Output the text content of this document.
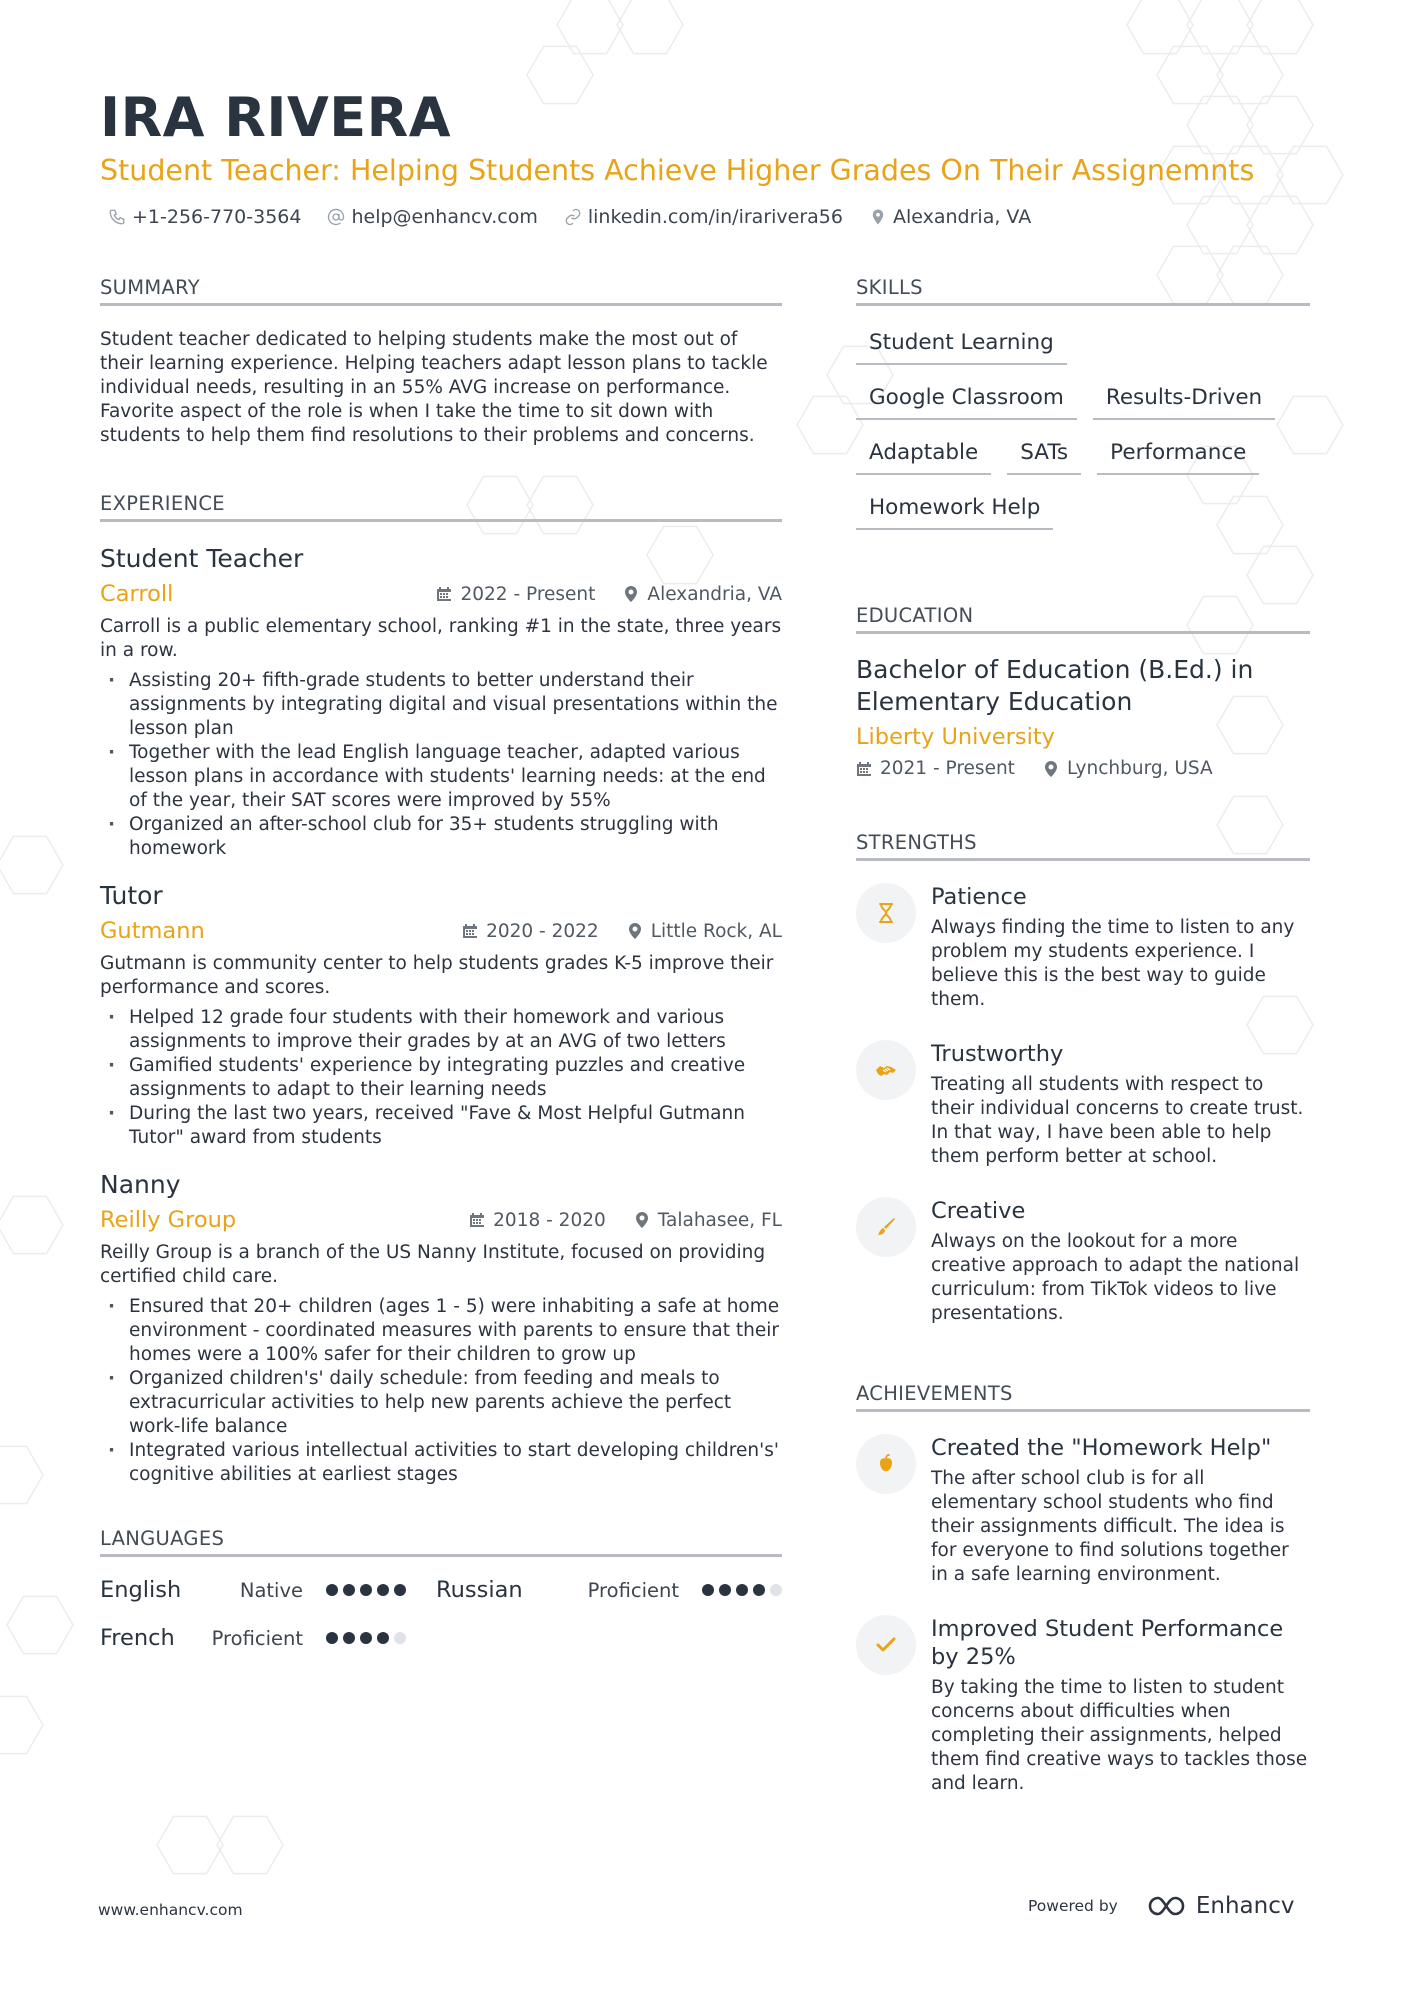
IRA RIVERA
Student Teacher: Helping Students Achieve Higher Grades On Their Assignemnts
+1-256-770-3564	help@enhancv.com	linkedin.com/in/irarivera56	Alexandria, VA
SUMMARY

Student teacher dedicated to helping students make the most out of their learning experience. Helping teachers adapt lesson plans to tackle individual needs, resulting in an 55% AVG increase on performance. Favorite aspect of the role is when I take the time to sit down with students to help them find resolutions to their problems and concerns.

EXPERIENCE
Student Teacher
Carroll	2022 - Present	Alexandria, VA

Carroll is a public elementary school, ranking #1 in the state, three years in a row.

· Assisting 20+ fifth-grade students to better understand their assignments by integrating digital and visual presentations within the lesson plan
· Together with the lead English language teacher, adapted various lesson plans in accordance with students' learning needs: at the end of the year, their SAT scores were improved by 55%
· Organized an after-school club for 35+ students struggling with homework
Tutor
Gutmann	2020 - 2022	Little Rock, AL

Gutmann is community center to help students grades K-5 improve their performance and scores.

· Helped 12 grade four students with their homework and various assignments to improve their grades by at an AVG of two letters
· Gamified students' experience by integrating puzzles and creative assignments to adapt to their learning needs
· During the last two years, received "Fave & Most Helpful Gutmann Tutor" award from students
Nanny
Reilly Group	2018 - 2020	Talahasee, FL

Reilly Group is a branch of the US Nanny Institute, focused on providing certified child care.

· Ensured that 20+ children (ages 1 - 5) were inhabiting a safe at home environment - coordinated measures with parents to ensure that their homes were a 100% safer for their children to grow up
· Organized children's' daily schedule: from feeding and meals to extracurricular activities to help new parents achieve the perfect work-life balance
· Integrated various intellectual activities to start developing children's' cognitive abilities at earliest stages
LANGUAGES
English	Native	Russian	Proficient
French Proficient
SKILLS
Student Learning
Google Classroom	Results-Driven
Adaptable	SATs	Performance
Homework Help
EDUCATION
Bachelor of Education (B.Ed.) in Elementary Education
Liberty University
2021 - Present	Lynchburg, USA
STRENGTHS
Patience
Always finding the time to listen to any problem my students experience. I believe this is the best way to guide them.
Trustworthy
Treating all students with respect to their individual concerns to create trust. In that way, I have been able to help them perform better at school.
Creative
Always on the lookout for a more creative approach to adapt the national curriculum: from TikTok videos to live presentations.
ACHIEVEMENTS
Created the "Homework Help"
The after school club is for all elementary school students who find their assignments difficult. The idea is for everyone to find solutions together in a safe learning environment.
Improved Student Performance by 25%
By taking the time to listen to student concerns about difficulties when completing their assignments, helped them find creative ways to tackles those and learn.
www.enhancv.com	Powered by	Enhancv
